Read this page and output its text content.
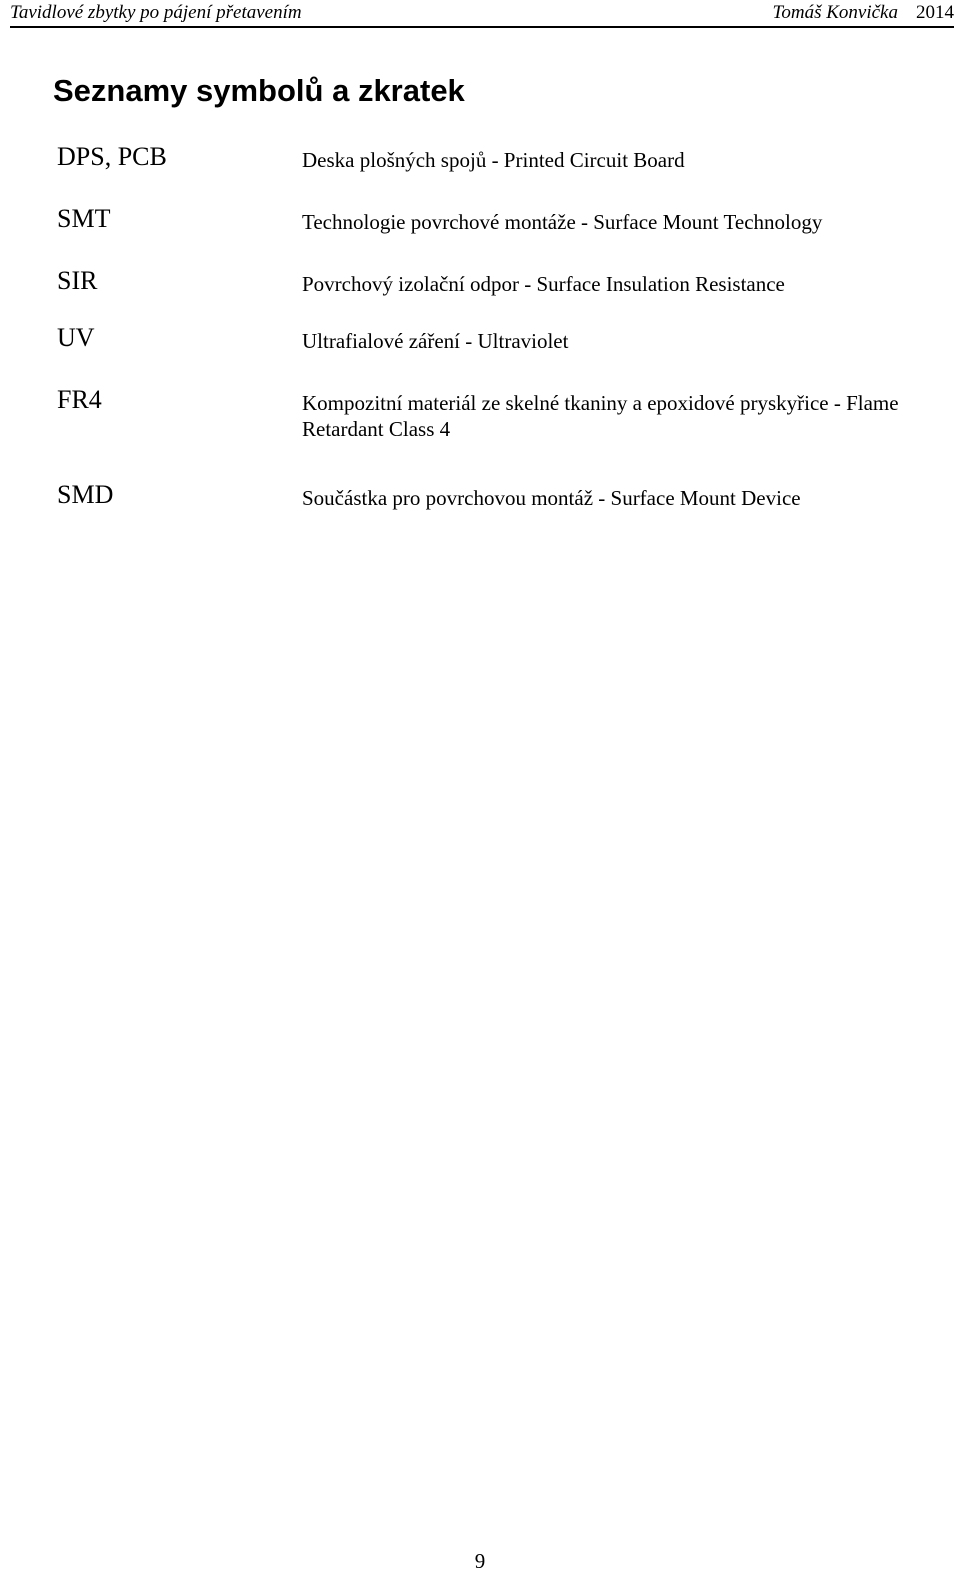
Tavidlové zbytky po pájení přetavením	Tomáš Konvička 2014
Seznamy symbolů a zkratek
DPS, PCB	Deska plošných spojů - Printed Circuit Board
SMT	Technologie povrchové montáže - Surface Mount Technology
SIR	Povrchový izolační odpor - Surface Insulation Resistance
UV	Ultrafialové záření - Ultraviolet
FR4	Kompozitní materiál ze skelné tkaniny a epoxidové pryskyřice - Flame  Retardant Class 4
SMD	Součástka pro povrchovou montáž - Surface Mount Device
9
